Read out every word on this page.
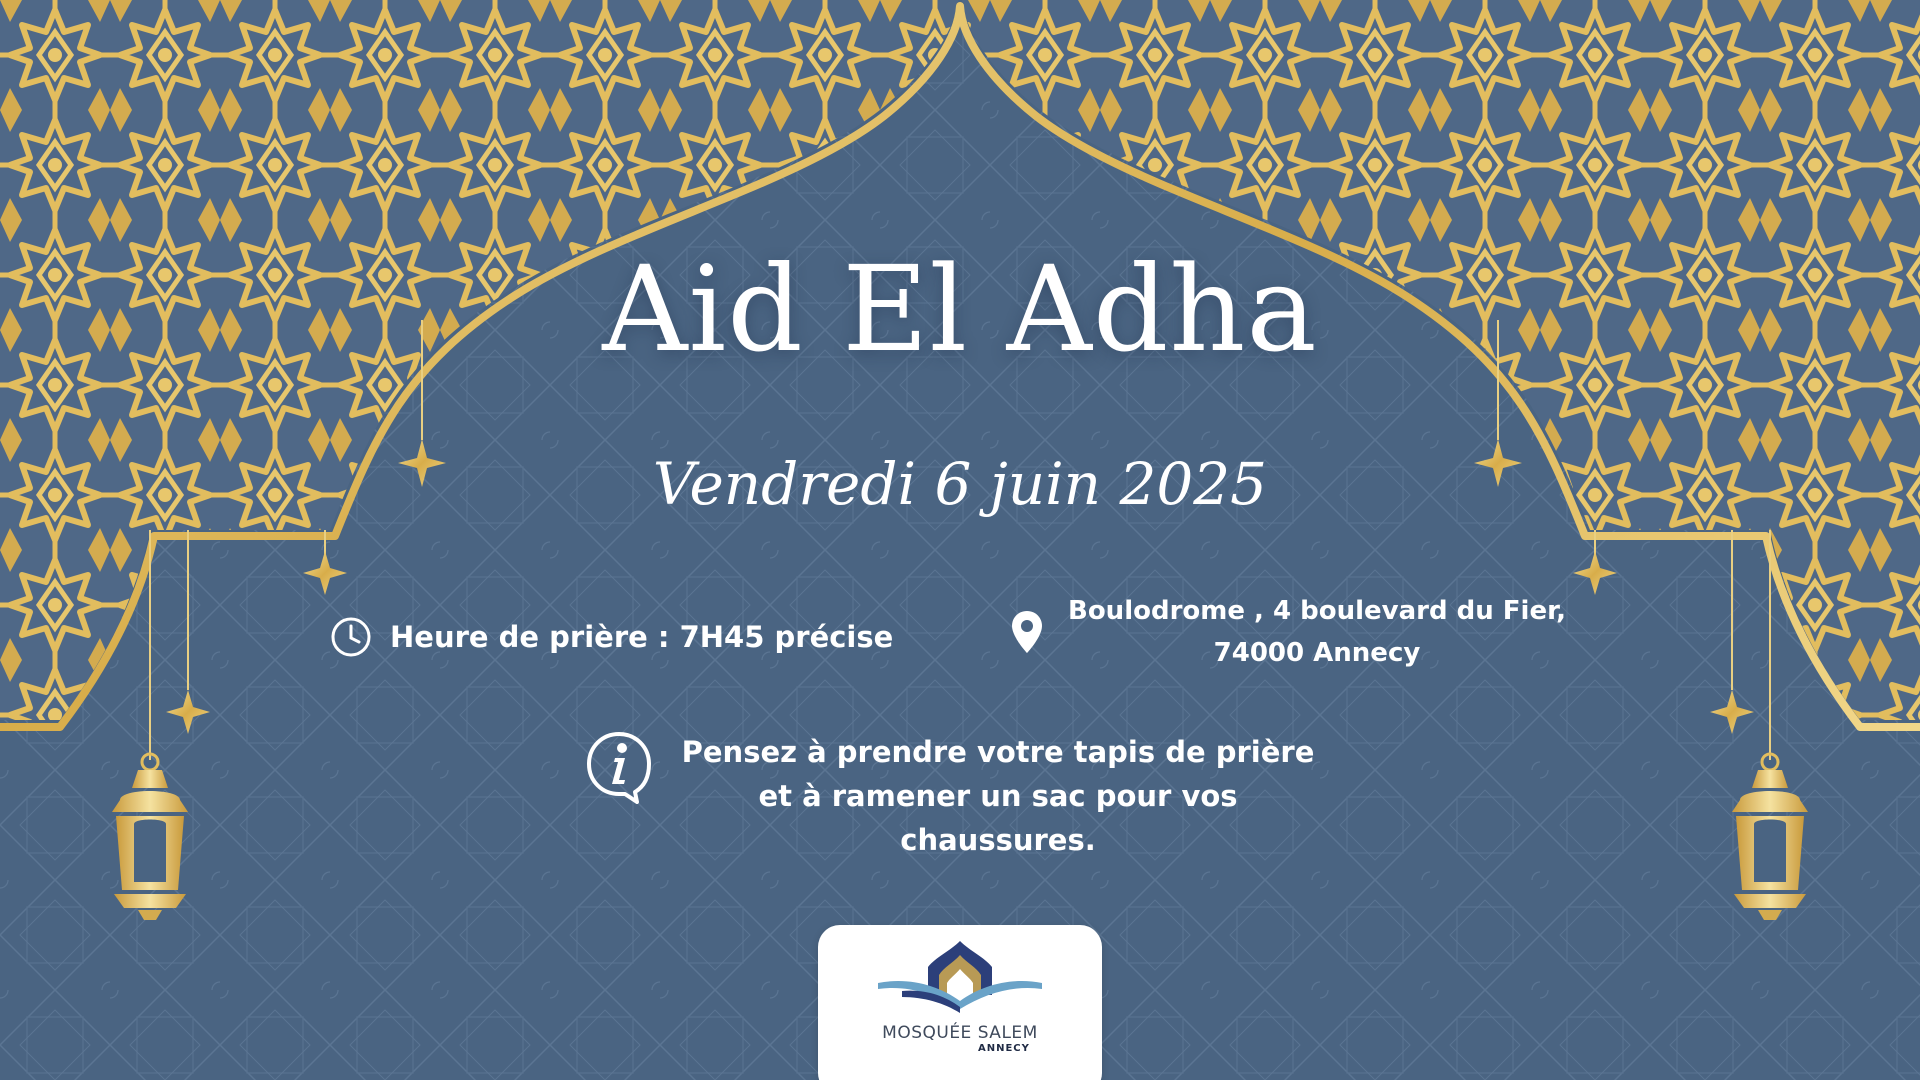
Aid El Adha
Vendredi 6 juin 2025
Heure de prière : 7H45 précise
Boulodrome , 4 boulevard du Fier,
74000 Annecy
Pensez à prendre votre tapis de prière
et à ramener un sac pour vos
chaussures.
MOSQUÉE SALEM
ANNECY
